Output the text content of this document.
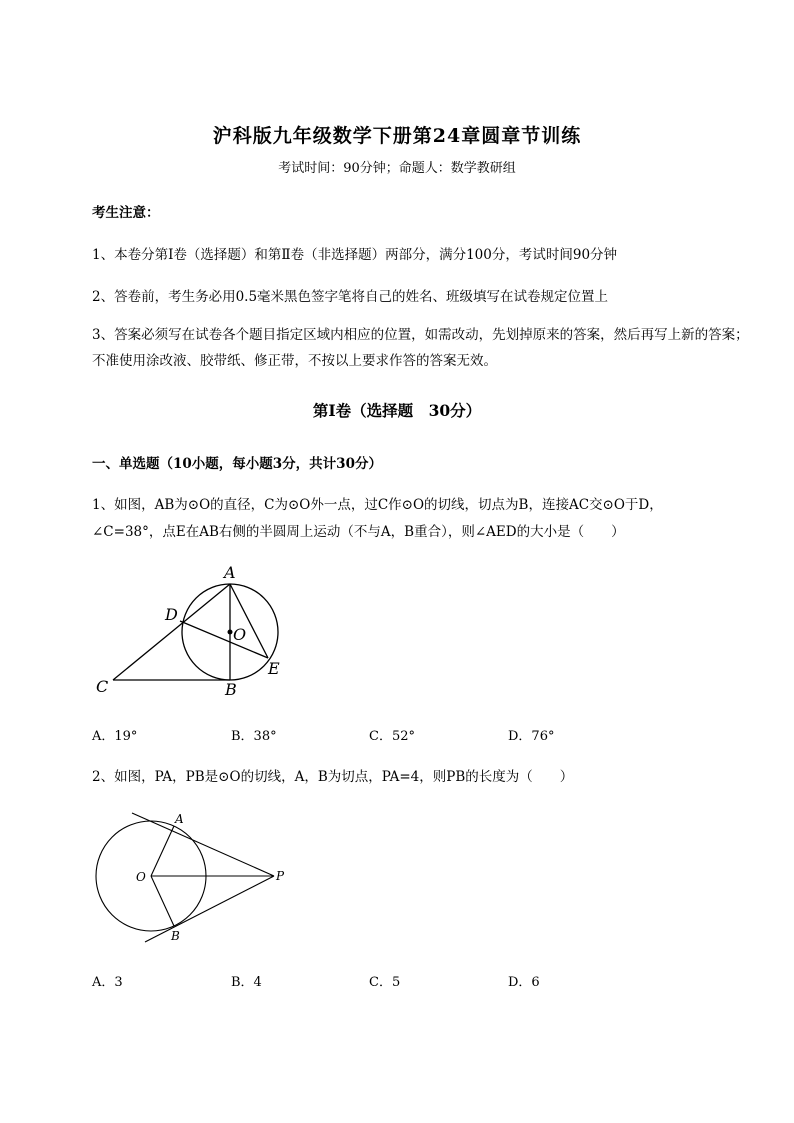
沪科版九年级数学下册第24章圆章节训练
考试时间：90分钟；命题人：数学教研组
考生注意：
1、本卷分第I卷（选择题）和第Ⅱ卷（非选择题）两部分，满分100分，考试时间90分钟
2、答卷前，考生务必用0.5毫米黑色签字笔将自己的姓名、班级填写在试卷规定位置上
3、答案必须写在试卷各个题目指定区域内相应的位置，如需改动，先划掉原来的答案，然后再写上新的答案；不准使用涂改液、胶带纸、修正带，不按以上要求作答的答案无效。
第I卷（选择题　30分）
一、单选题（10小题，每小题3分，共计30分）
1、如图，AB为⊙O的直径，C为⊙O外一点，过C作⊙O的切线，切点为B，连接AC交⊙O于D，
∠C=38°，点E在AB右侧的半圆周上运动（不与A，B重合），则∠AED的大小是（　　）
A
D
O
E
C	B
A．19°	B．38°	C．52°	D．76°
2、如图，PA，PB是⊙O的切线，A，B为切点，PA=4，则PB的长度为（　　）
A
O	P
B
A．3	B．4	C．5	D．6
